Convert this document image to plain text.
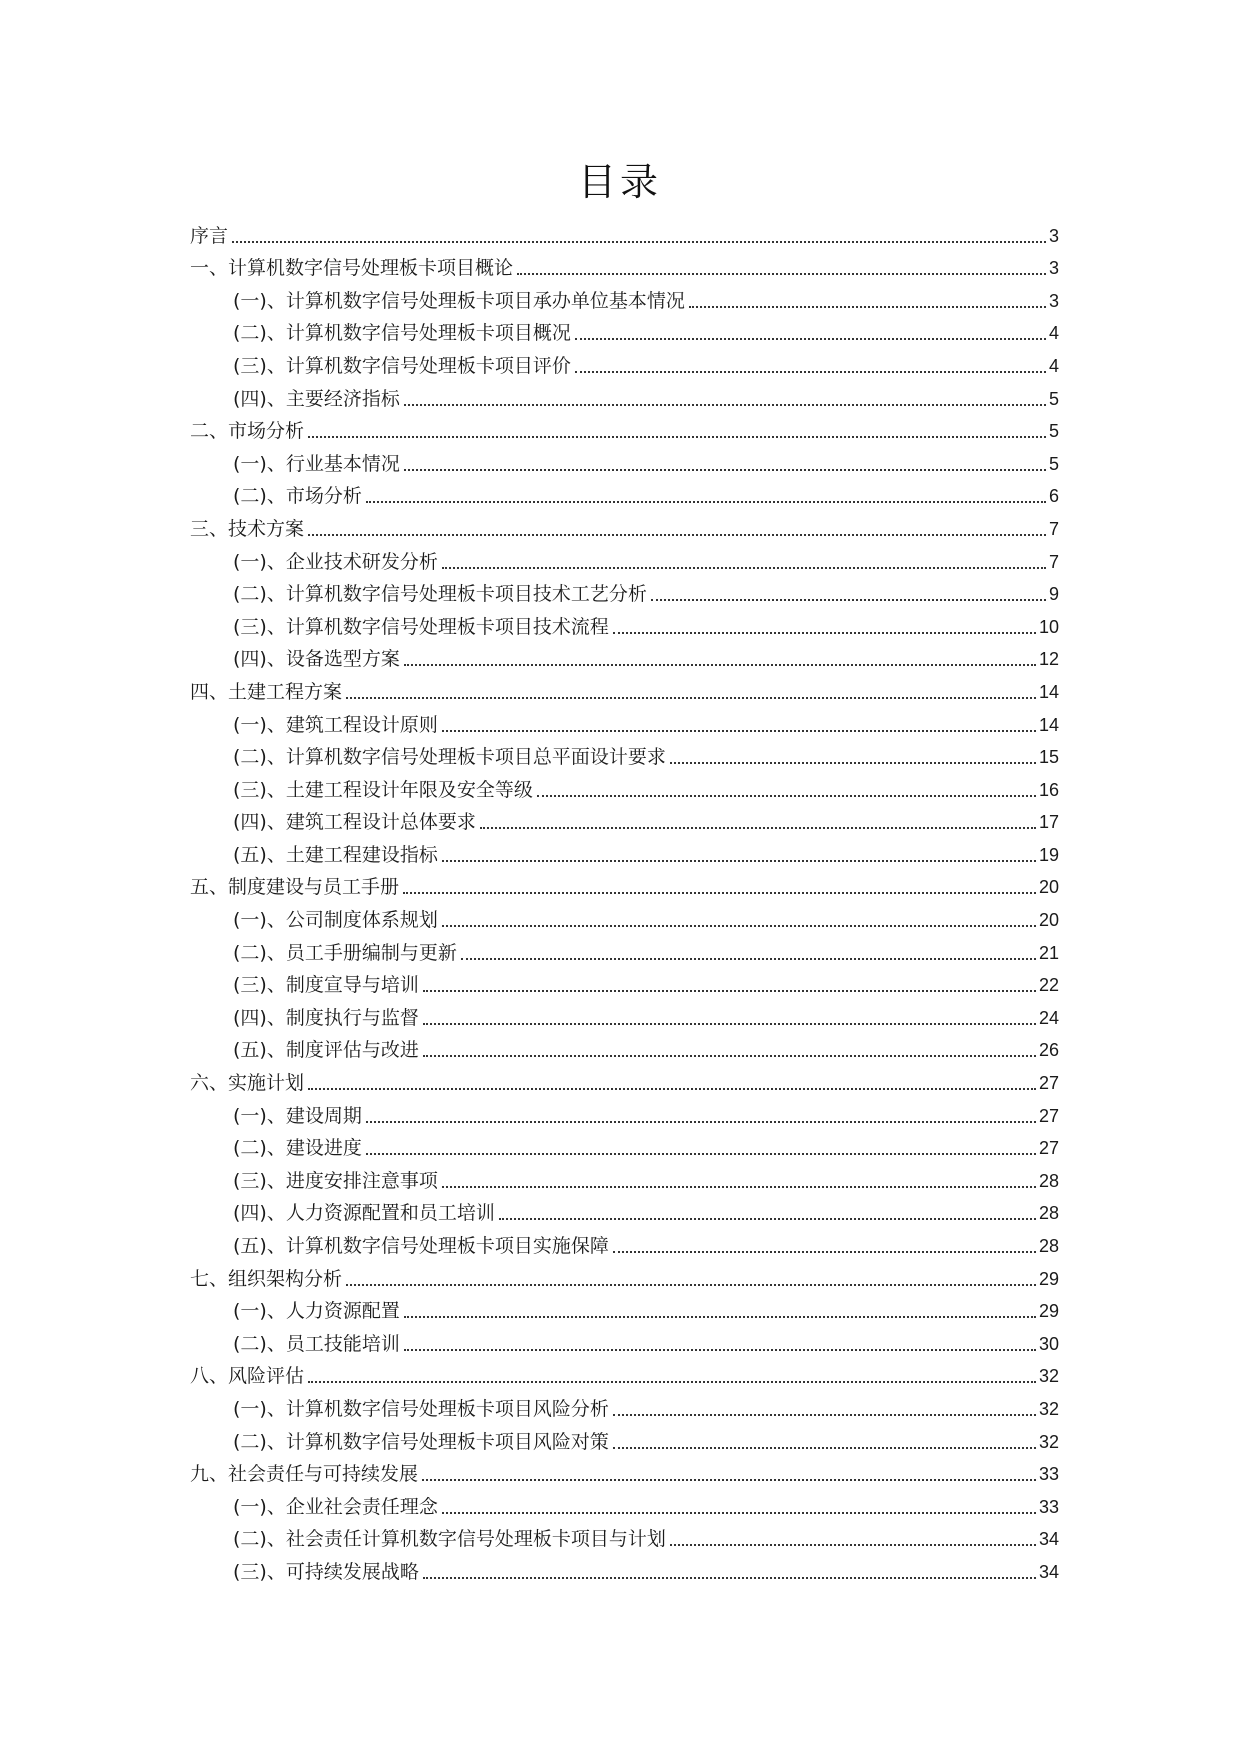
目录
序言	3
一、计算机数字信号处理板卡项目概论	3
(一)、计算机数字信号处理板卡项目承办单位基本情况	3
(二)、计算机数字信号处理板卡项目概况	4
(三)、计算机数字信号处理板卡项目评价	4
(四)、主要经济指标	5
二、市场分析	5
(一)、行业基本情况	5
(二)、市场分析	6
三、技术方案	7
(一)、企业技术研发分析	7
(二)、计算机数字信号处理板卡项目技术工艺分析	9
(三)、计算机数字信号处理板卡项目技术流程	10
(四)、设备选型方案	12
四、土建工程方案	14
(一)、建筑工程设计原则	14
(二)、计算机数字信号处理板卡项目总平面设计要求	15
(三)、土建工程设计年限及安全等级	16
(四)、建筑工程设计总体要求	17
(五)、土建工程建设指标	19
五、制度建设与员工手册	20
(一)、公司制度体系规划	20
(二)、员工手册编制与更新	21
(三)、制度宣导与培训	22
(四)、制度执行与监督	24
(五)、制度评估与改进	26
六、实施计划	27
(一)、建设周期	27
(二)、建设进度	27
(三)、进度安排注意事项	28
(四)、人力资源配置和员工培训	28
(五)、计算机数字信号处理板卡项目实施保障	28
七、组织架构分析	29
(一)、人力资源配置	29
(二)、员工技能培训	30
八、风险评估	32
(一)、计算机数字信号处理板卡项目风险分析	32
(二)、计算机数字信号处理板卡项目风险对策	32
九、社会责任与可持续发展	33
(一)、企业社会责任理念	33
(二)、社会责任计算机数字信号处理板卡项目与计划	34
(三)、可持续发展战略	34
